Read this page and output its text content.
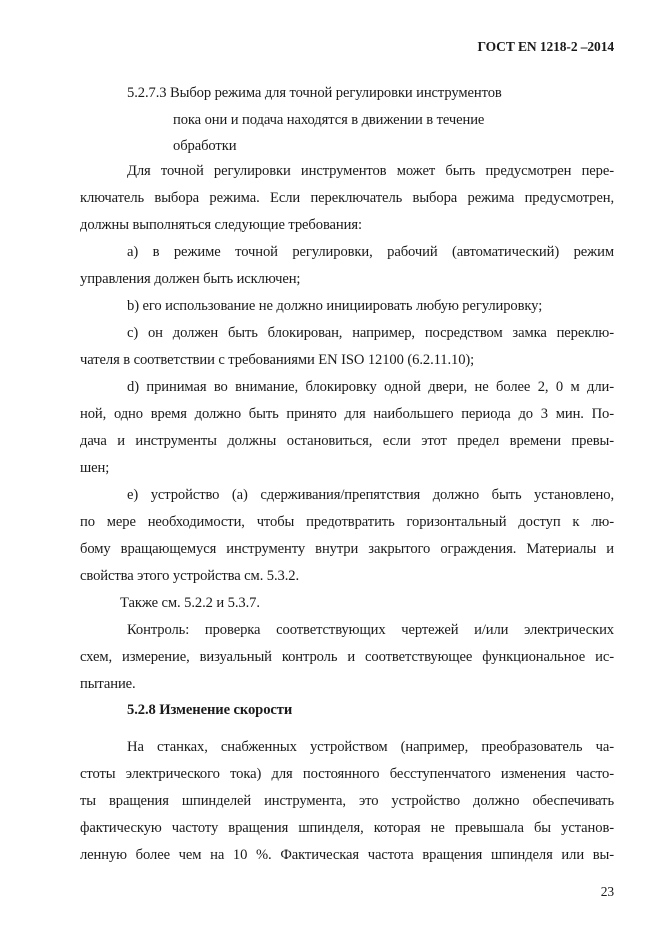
ГОСТ EN 1218-2 –2014
5.2.7.3 Выбор режима для точной регулировки инструментов
пока они и подача находятся в движении в течение
обработки
Для точной регулировки инструментов может быть предусмотрен пере-
ключатель выбора режима. Если переключатель выбора режима предусмотрен,
должны выполняться следующие требования:
а) в режиме точной регулировки, рабочий (автоматический) режим
управления должен быть исключен;
b) его использование не должно инициировать любую регулировку;
с) он должен быть блокирован, например, посредством замка переклю-
чателя в соответствии с требованиями EN ISO 12100 (6.2.11.10);
d) принимая во внимание, блокировку одной двери, не более 2, 0 м дли-
ной, одно время должно быть принято для наибольшего периода до 3 мин. По-
дача и инструменты должны остановиться, если этот предел времени превы-
шен;
е) устройство (а) сдерживания/препятствия должно быть установлено,
по мере необходимости, чтобы предотвратить горизонтальный доступ к лю-
бому вращающемуся инструменту внутри закрытого ограждения. Материалы и
свойства этого устройства см. 5.3.2.
Также см. 5.2.2 и 5.3.7.
Контроль: проверка соответствующих чертежей и/или электрических
схем, измерение, визуальный контроль и соответствующее функциональное ис-
пытание.
5.2.8 Изменение скорости
На станках, снабженных устройством (например, преобразователь ча-
стоты электрического тока) для постоянного бесступенчатого изменения часто-
ты вращения шпинделей инструмента, это устройство должно обеспечивать
фактическую частоту вращения шпинделя, которая не превышала бы установ-
ленную более чем на 10 %. Фактическая частота вращения шпинделя или вы-
23
